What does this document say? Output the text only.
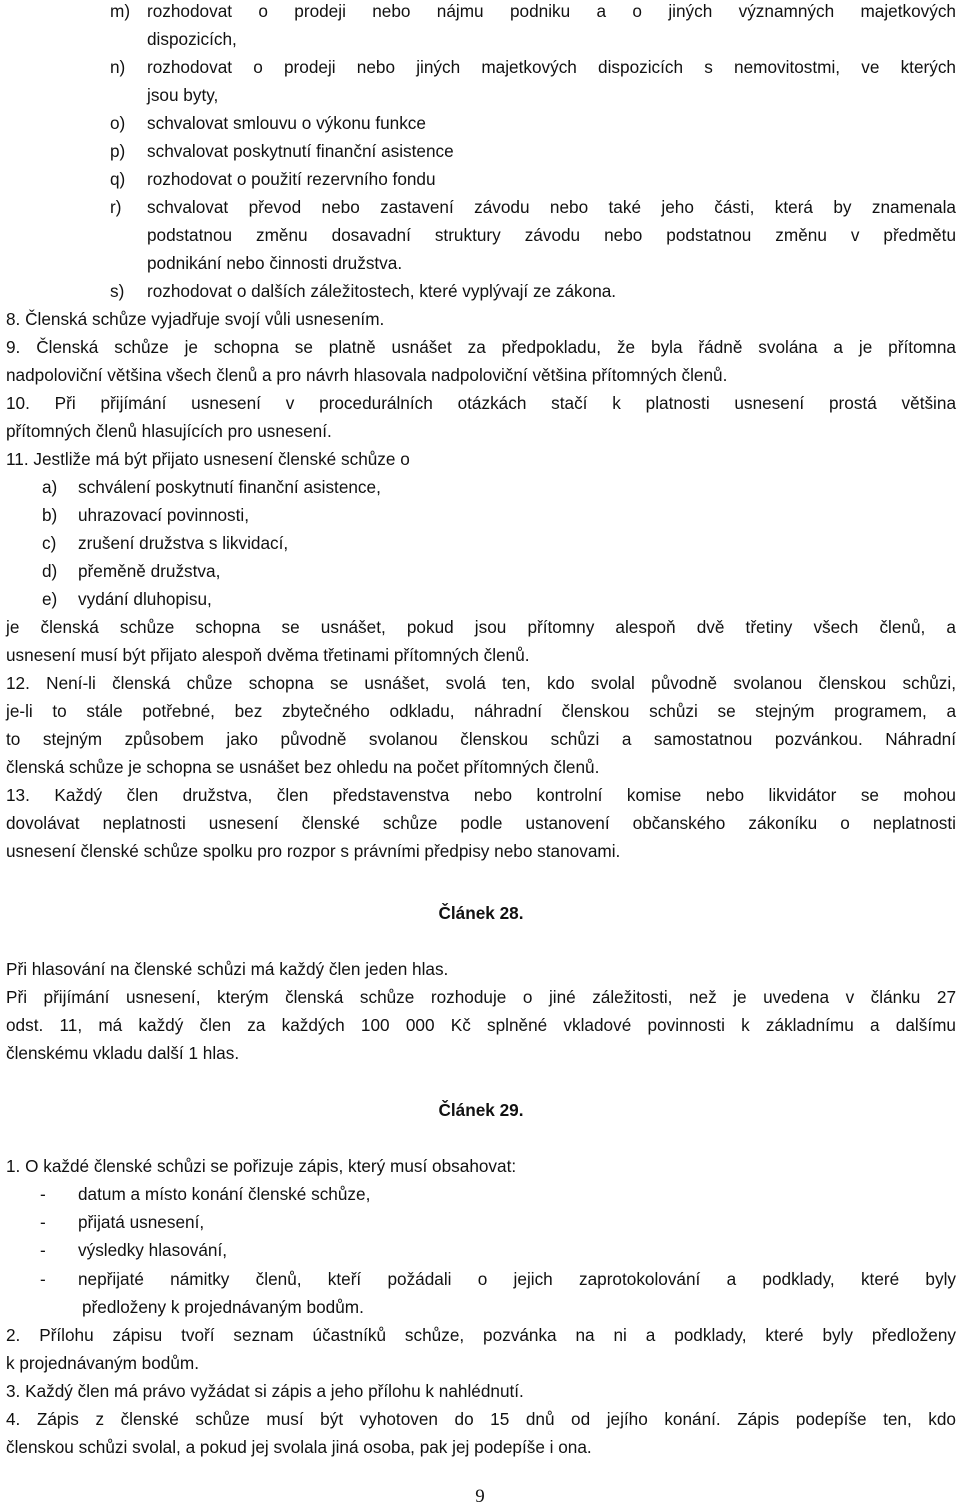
m) rozhodovat o prodeji nebo nájmu podniku a o jiných významných majetkových
dispozicích,
n) rozhodovat o prodeji nebo jiných majetkových dispozicích s nemovitostmi, ve kterých
jsou byty,
o) schvalovat smlouvu o výkonu funkce
p) schvalovat poskytnutí finanční asistence
q) rozhodovat o použití rezervního fondu
r) schvalovat převod nebo zastavení závodu nebo také jeho části, která by znamenala
podstatnou změnu dosavadní struktury závodu nebo podstatnou změnu v předmětu
podnikání nebo činnosti družstva.
s) rozhodovat o dalších záležitostech, které vyplývají ze zákona.
8. Členská schůze vyjadřuje svojí vůli usnesením.
9. Členská schůze je schopna se platně usnášet za předpokladu, že byla řádně svolána a je přítomna
nadpoloviční většina všech členů a pro návrh hlasovala nadpoloviční většina přítomných členů.
10. Při přijímání usnesení v procedurálních otázkách stačí k platnosti usnesení prostá většina
přítomných členů hlasujících pro usnesení.
11. Jestliže má být přijato usnesení členské schůze o
a) schválení poskytnutí finanční asistence,
b) uhrazovací povinnosti,
c) zrušení družstva s likvidací,
d) přeměně družstva,
e) vydání dluhopisu,
je členská schůze schopna se usnášet, pokud jsou přítomny alespoň dvě třetiny všech členů, a
usnesení musí být přijato alespoň dvěma třetinami přítomných členů.
12. Není-li členská chůze schopna se usnášet, svolá ten, kdo svolal původně svolanou členskou schůzi,
je-li to stále potřebné, bez zbytečného odkladu, náhradní členskou schůzi se stejným programem, a
to stejným způsobem jako původně svolanou členskou schůzi a samostatnou pozvánkou. Náhradní
členská schůze je schopna se usnášet bez ohledu na počet přítomných členů.
13. Každý člen družstva, člen představenstva nebo kontrolní komise nebo likvidátor se mohou
dovolávat neplatnosti usnesení členské schůze podle ustanovení občanského zákoníku o neplatnosti
usnesení členské schůze spolku pro rozpor s právními předpisy nebo stanovami.
Článek 28.
Při hlasování na členské schůzi má každý člen jeden hlas.
Při přijímání usnesení, kterým členská schůze rozhoduje o jiné záležitosti, než je uvedena v článku 27
odst. 11, má každý člen za každých 100 000 Kč splněné vkladové povinnosti k základnímu a dalšímu
členskému vkladu další 1 hlas.
Článek 29.
1. O každé členské schůzi se pořizuje zápis, který musí obsahovat:
- datum a místo konání členské schůze,
- přijatá usnesení,
- výsledky hlasování,
- nepřijaté námitky členů, kteří požádali o jejich zaprotokolování a podklady, které byly
předloženy k projednávaným bodům.
2. Přílohu zápisu tvoří seznam účastníků schůze, pozvánka na ni a podklady, které byly předloženy
k projednávaným bodům.
3. Každý člen má právo vyžádat si zápis a jeho přílohu k nahlédnutí.
4. Zápis z členské schůze musí být vyhotoven do 15 dnů od jejího konání. Zápis podepíše ten, kdo
členskou schůzi svolal, a pokud jej svolala jiná osoba, pak jej podepíše i ona.
9
